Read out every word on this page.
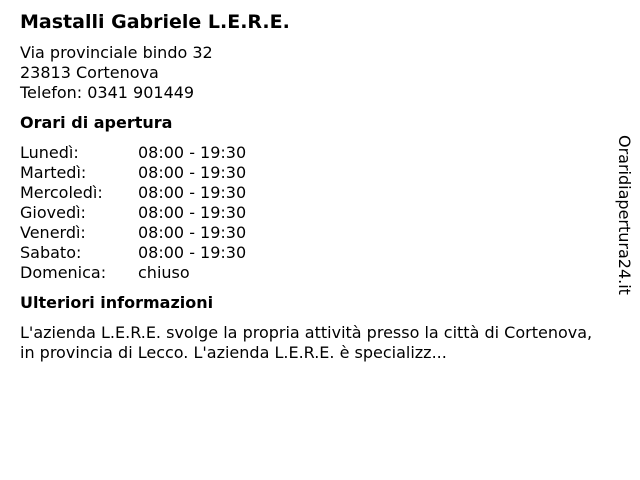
Mastalli Gabriele L.E.R.E.
Via provinciale bindo 32
23813 Cortenova
Telefon: 0341 901449
Orari di apertura
Lunedì:	08:00 - 19:30
Martedì:	08:00 - 19:30
Mercoledì:	08:00 - 19:30
Giovedì:	08:00 - 19:30
Venerdì:	08:00 - 19:30
Sabato:	08:00 - 19:30
Domenica:	chiuso
Ulteriori informazioni
L'azienda L.E.R.E. svolge la propria attività presso la città di Cortenova, in provincia di Lecco. L'azienda L.E.R.E. è specializz...
Oraridiapertura24.it
